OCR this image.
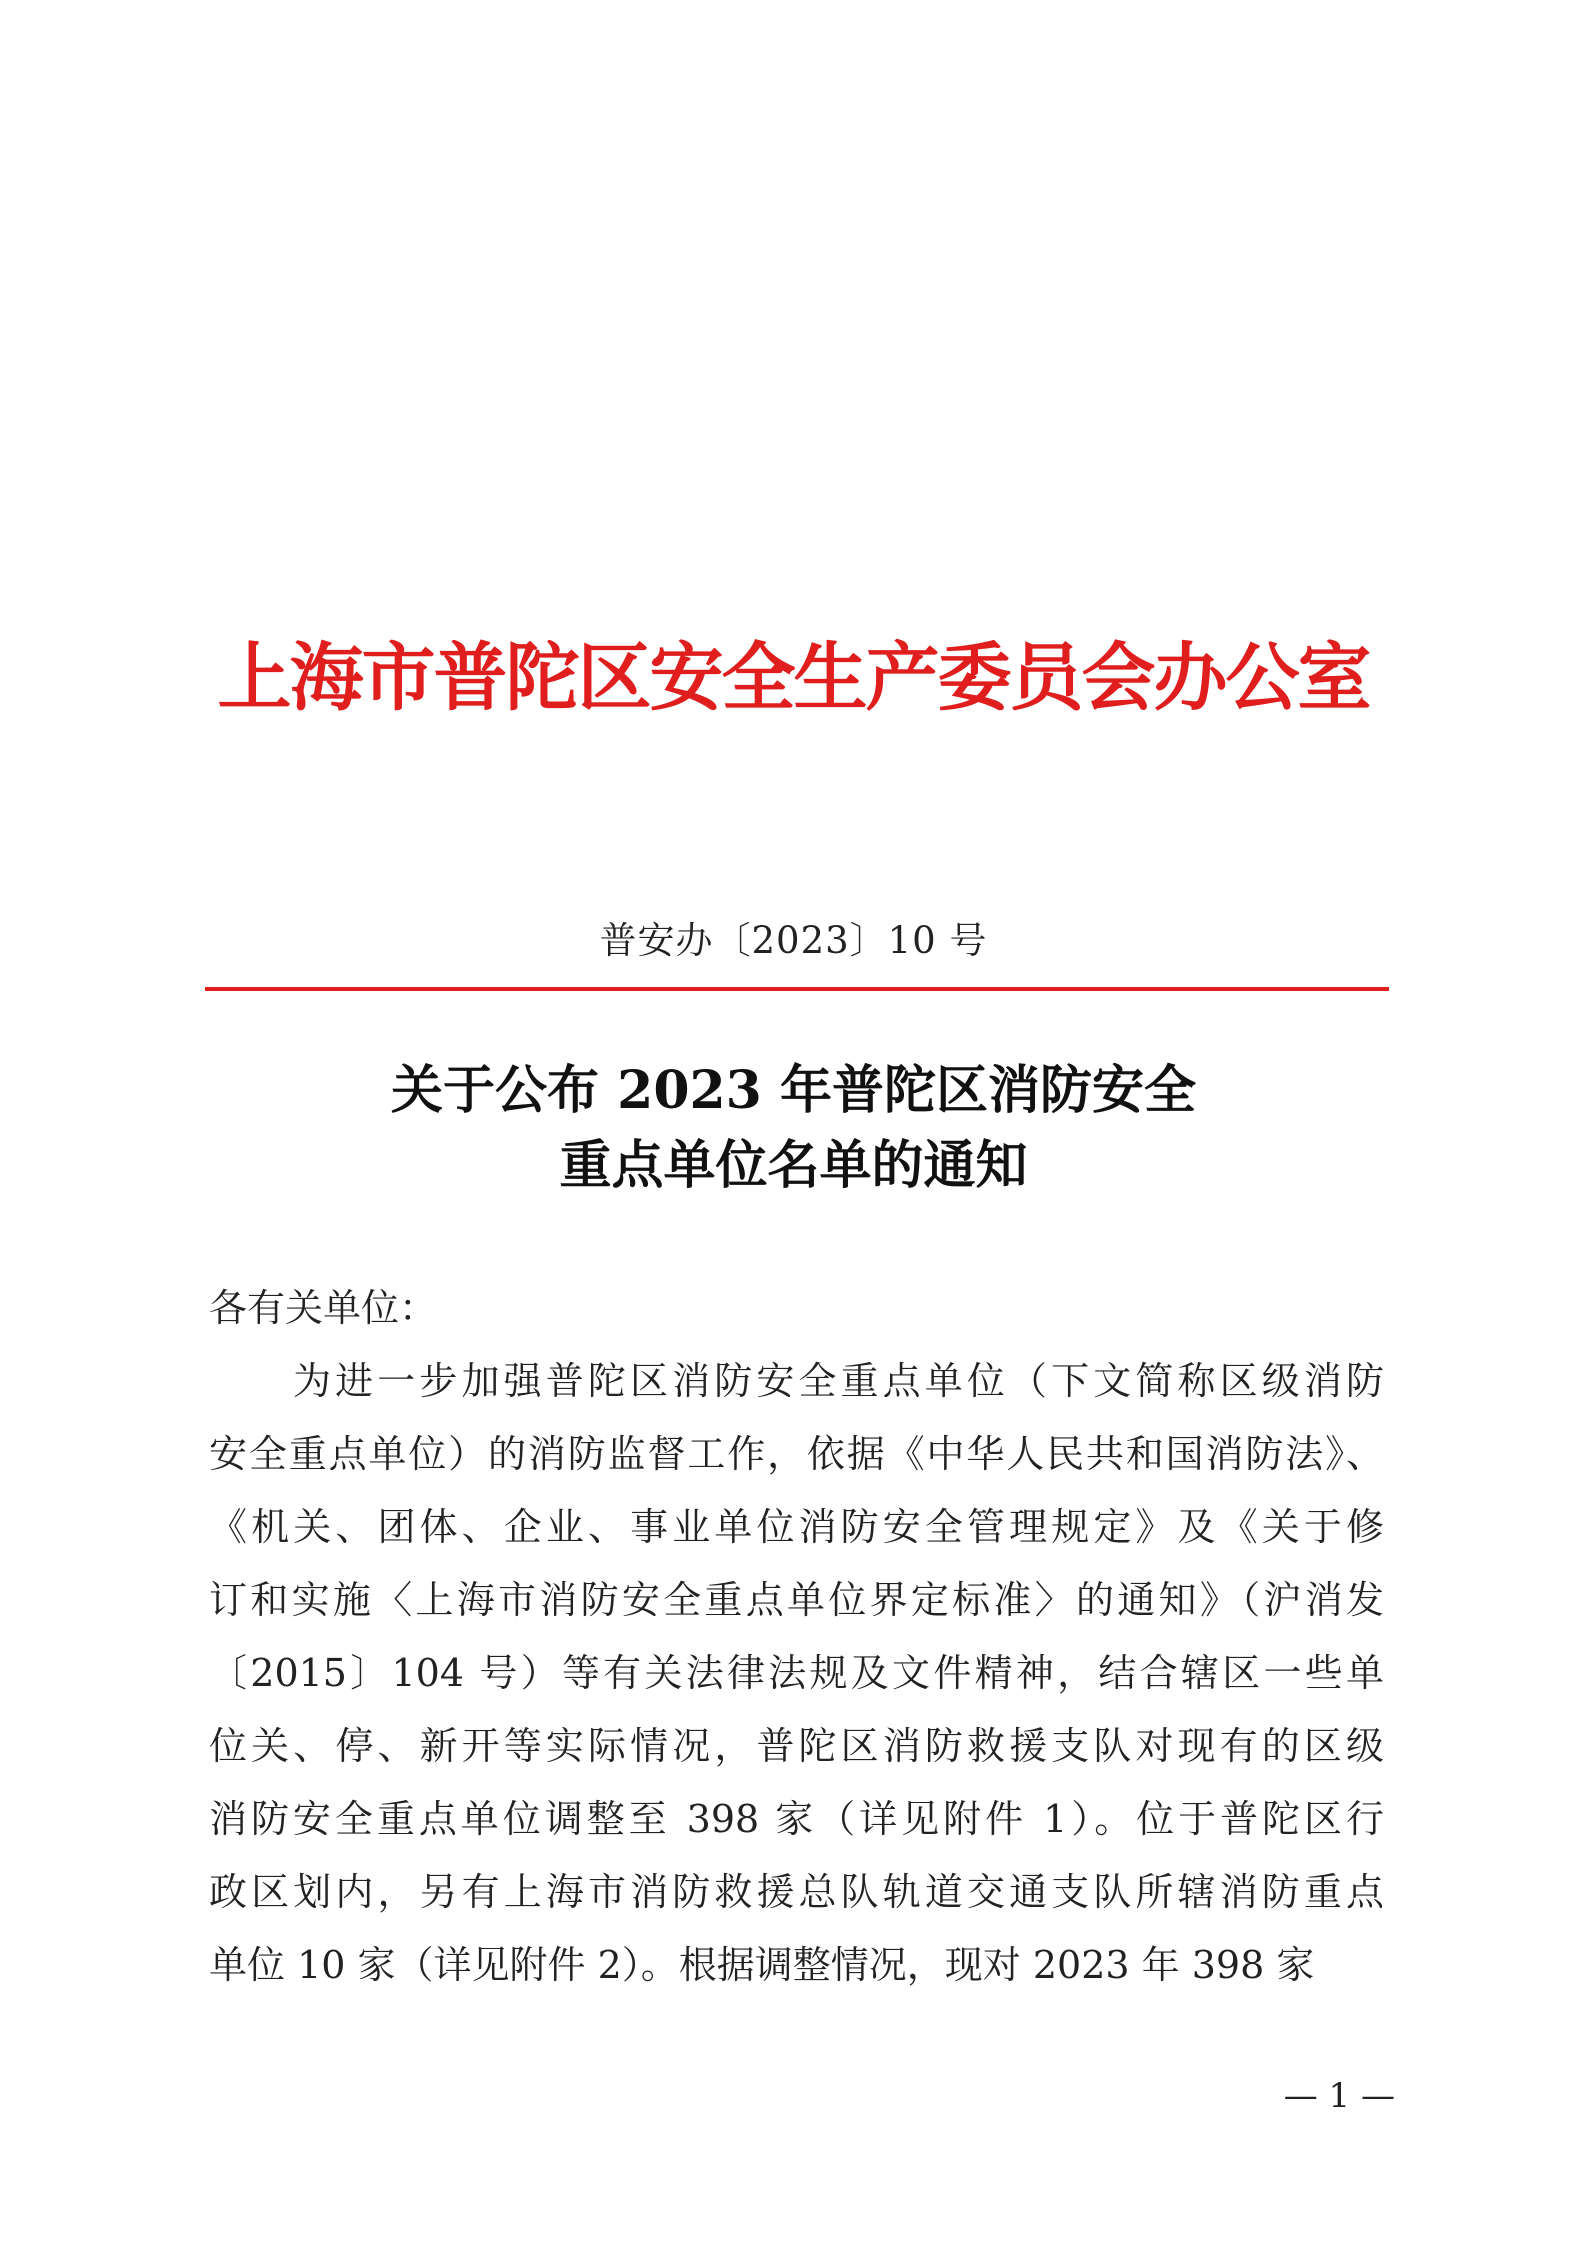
上海市普陀区安全生产委员会办公室
普安办〔2023〕10 号
关于公布 2023 年普陀区消防安全
重点单位名单的通知
各有关单位：
为进一步加强普陀区消防安全重点单位（下文简称区级消防
安全重点单位）的消防监督工作，依据《中华人民共和国消防法》、
《机关、团体、企业、事业单位消防安全管理规定》及《关于修
订和实施〈上海市消防安全重点单位界定标准〉的通知》（沪消发
〔2015〕104 号）等有关法律法规及文件精神，结合辖区一些单
位关、停、新开等实际情况，普陀区消防救援支队对现有的区级
消防安全重点单位调整至 398 家（详见附件 1）。位于普陀区行
政区划内，另有上海市消防救援总队轨道交通支队所辖消防重点
单位 10 家（详见附件 2）。根据调整情况，现对 2023 年 398 家
— 1 —
